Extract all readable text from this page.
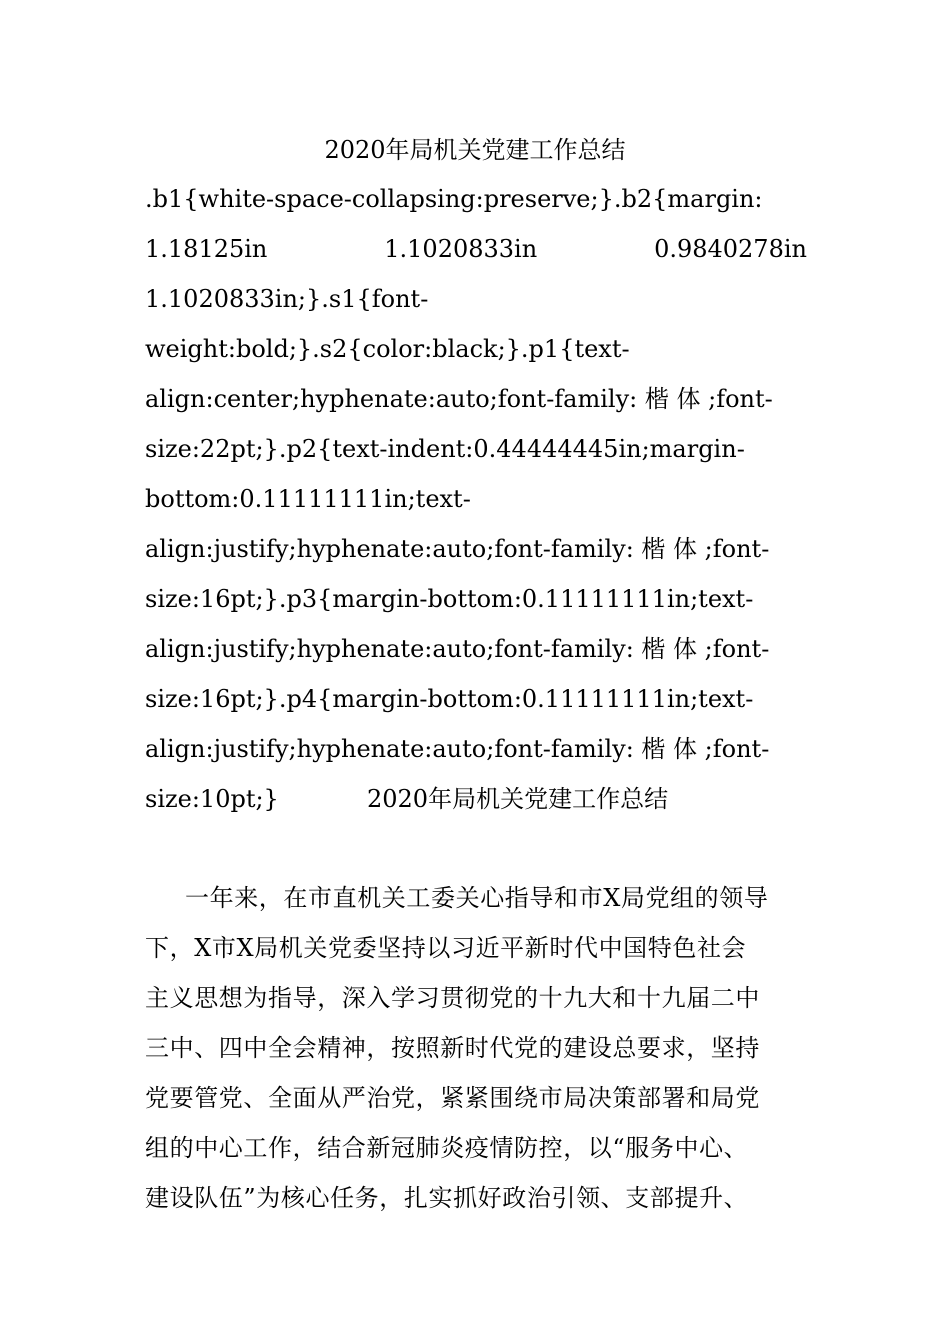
2020年局机关党建工作总结
.b1{white-space-collapsing:preserve;}.b2{margin:
1.18125in	1.1020833in	0.9840278in
1.1020833in;}.s1{font-
weight:bold;}.s2{color:black;}.p1{text-
align:center;hyphenate:auto;font-family: 楷 体 ;font-
size:22pt;}.p2{text-indent:0.44444445in;margin-
bottom:0.11111111in;text-
align:justify;hyphenate:auto;font-family: 楷 体 ;font-
size:16pt;}.p3{margin-bottom:0.11111111in;text-
align:justify;hyphenate:auto;font-family: 楷 体 ;font-
size:16pt;}.p4{margin-bottom:0.11111111in;text-
align:justify;hyphenate:auto;font-family: 楷 体 ;font-
size:10pt;}	2020年局机关党建工作总结
一年来，在市直机关工委关心指导和市X局党组的领导
下，X市X局机关党委坚持以习近平新时代中国特色社会
主义思想为指导，深入学习贯彻党的十九大和十九届二中
三中、四中全会精神，按照新时代党的建设总要求，坚持
党要管党、全面从严治党，紧紧围绕市局决策部署和局党
组的中心工作，结合新冠肺炎疫情防控，以“服务中心、
建设队伍”为核心任务，扎实抓好政治引领、支部提升、
